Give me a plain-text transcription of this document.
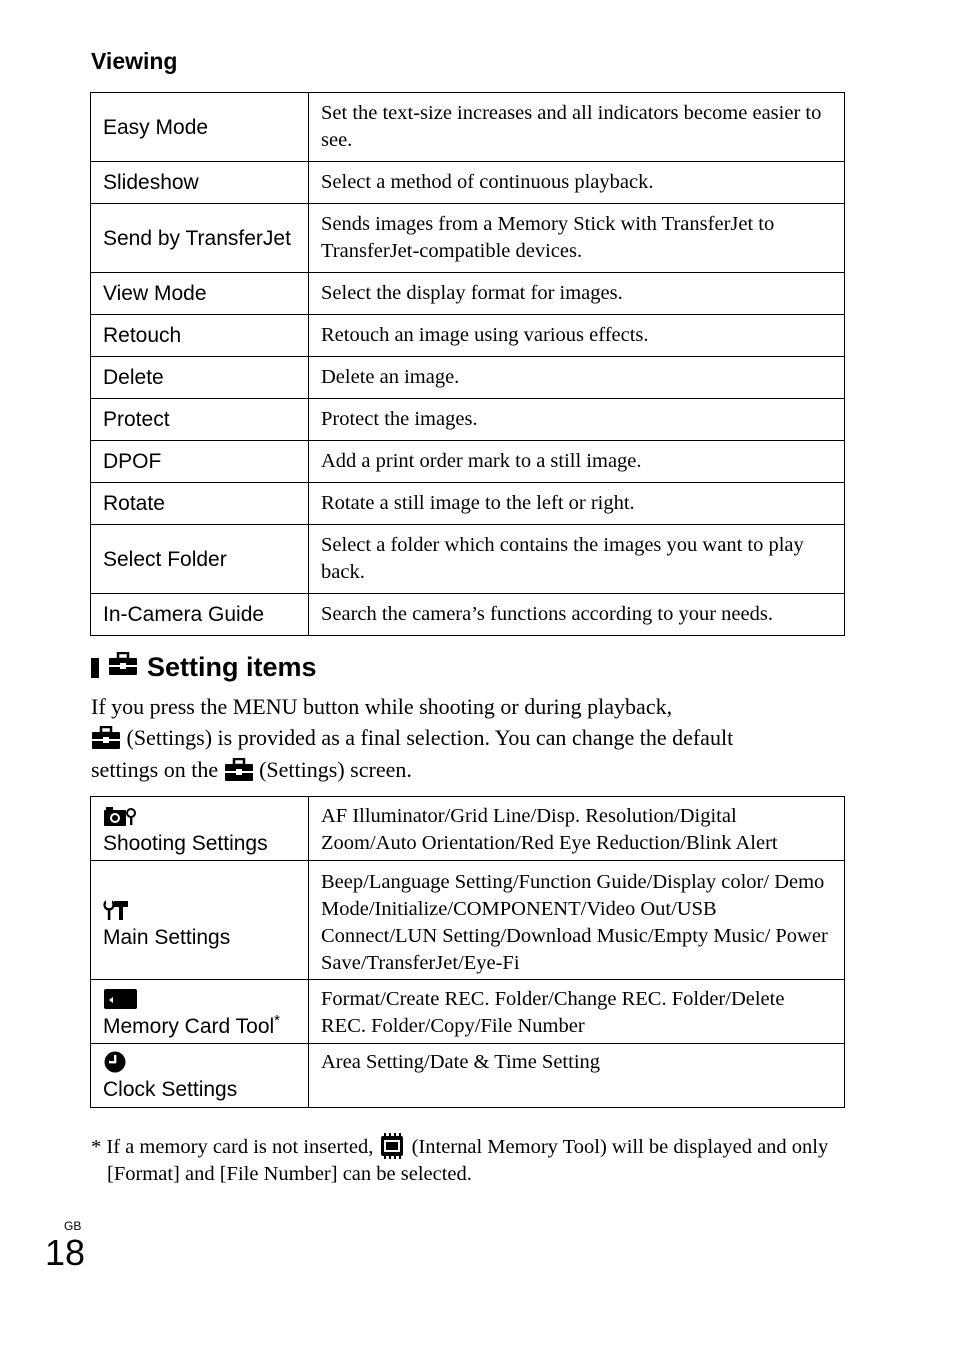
Viewing
Easy Mode	Set the text-size increases and all indicators become easier to see.
Slideshow	Select a method of continuous playback.
Send by TransferJet	Sends images from a Memory Stick with TransferJet to TransferJet-compatible devices.
View Mode	Select the display format for images.
Retouch	Retouch an image using various effects.
Delete	Delete an image.
Protect	Protect the images.
DPOF	Add a print order mark to a still image.
Rotate	Rotate a still image to the left or right.
Select Folder	Select a folder which contains the images you want to play back.
In-Camera Guide	Search the camera’s functions according to your needs.
Setting items
If you press the MENU button while shooting or during playback,
(Settings) is provided as a final selection. You can change the default
settings on the (Settings) screen.
Shooting Settings	AF Illuminator/Grid Line/Disp. Resolution/Digital Zoom/Auto Orientation/Red Eye Reduction/Blink Alert

Main Settings	Beep/Language Setting/Function Guide/Display color/ Demo Mode/Initialize/COMPONENT/Video Out/USB Connect/LUN Setting/Download Music/Empty Music/ Power Save/TransferJet/Eye-Fi

Memory Card Tool*	Format/Create REC. Folder/Change REC. Folder/Delete REC. Folder/Copy/File Number

Clock Settings	Area Setting/Date & Time Setting
* If a memory card is not inserted, (Internal Memory Tool) will be displayed and only [Format] and [File Number] can be selected.
GB
18
